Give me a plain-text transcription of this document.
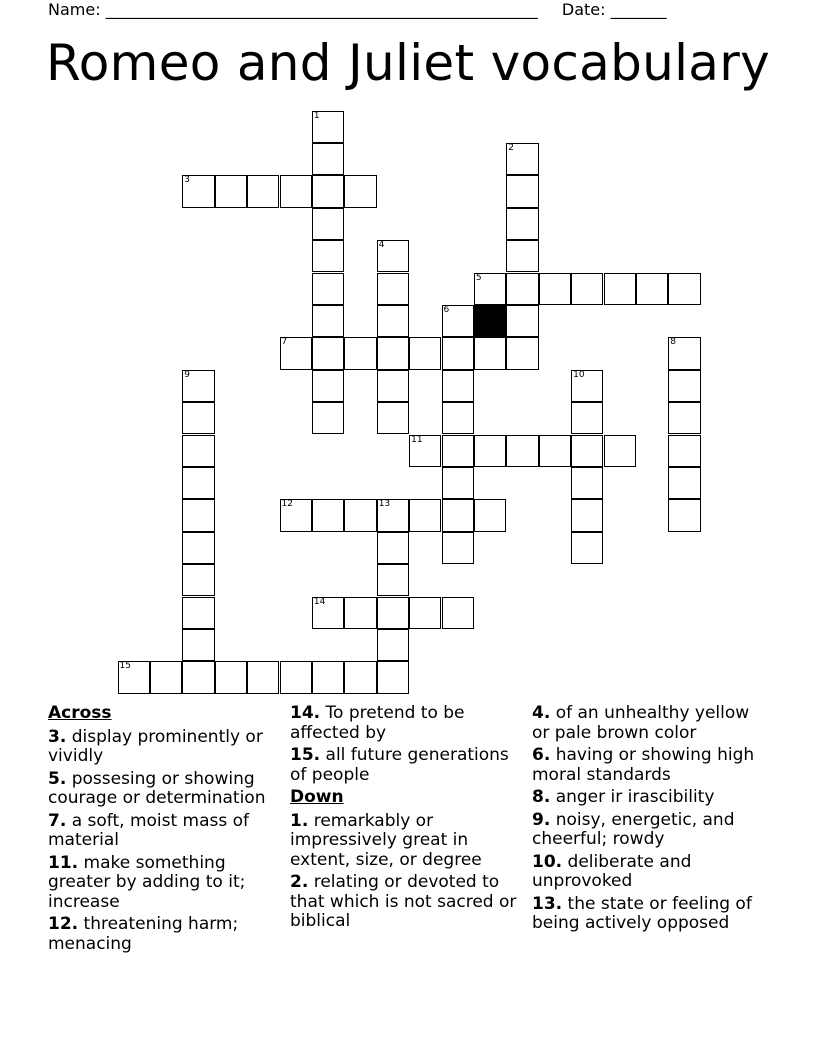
Name: ______________________________________________________ Date: _______
Romeo and Juliet vocabulary
3
5
7
11
12	13
14
15
1
2
4
6
8
9	10
Across
3. display prominently or vividly
5. possesing or showing courage or determination
7. a soft, moist mass of material
11. make something greater by adding to it; increase
12. threatening harm; menacing
14. To pretend to be affected by
15. all future generations of people
Down
1. remarkably or impressively great in extent, size, or degree
2. relating or devoted to that which is not sacred or biblical
4. of an unhealthy yellow or pale brown color
6. having or showing high moral standards
8. anger ir irascibility
9. noisy, energetic, and cheerful; rowdy
10. deliberate and unprovoked
13. the state or feeling of being actively opposed
